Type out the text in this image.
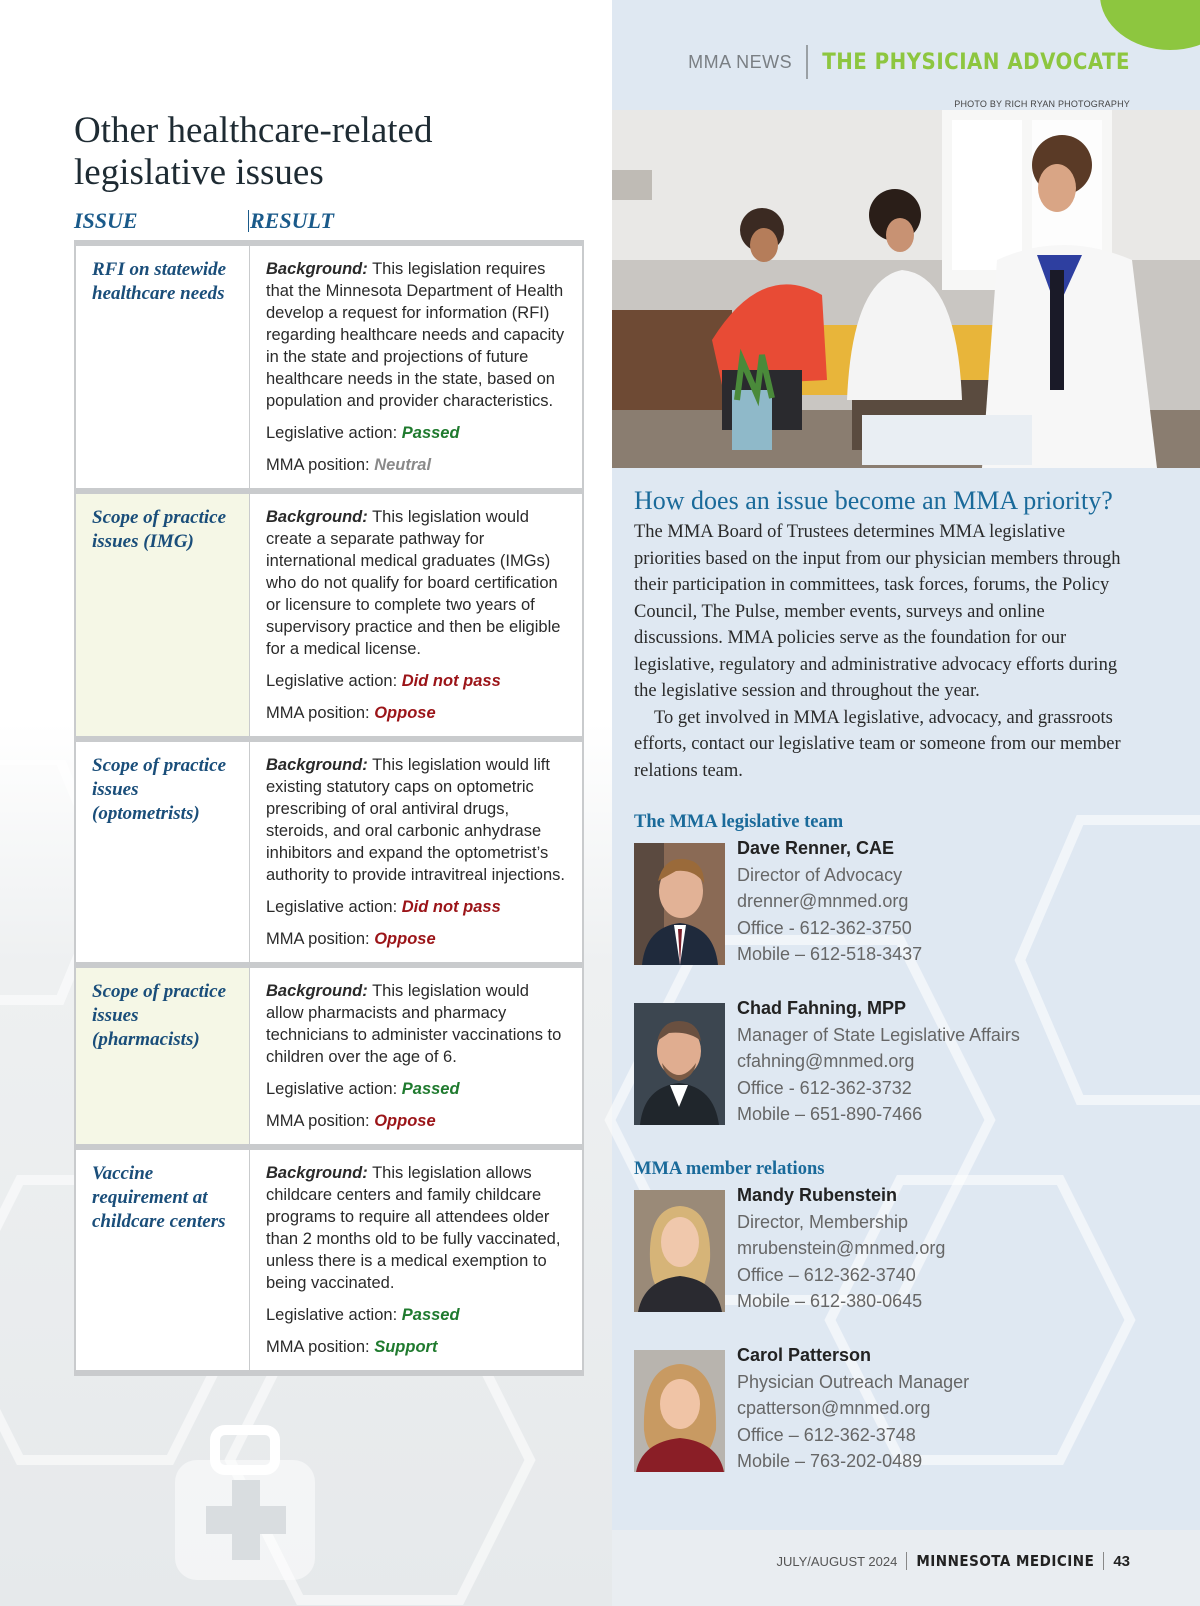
MMA NEWS	THE PHYSICIAN ADVOCATE
PHOTO BY RICH RYAN PHOTOGRAPHY
Other healthcare-related
legislative issues
ISSUE	RESULT
RFI on statewide healthcare needs

Background: This legislation requires that the Minnesota Department of Health develop a request for information (RFI) regarding healthcare needs and capacity in the state and projections of future healthcare needs in the state, based on population and provider characteristics.

Legislative action: Passed

MMA position: Neutral

Scope of practice issues (IMG)

Background: This legislation would create a separate pathway for international medical graduates (IMGs) who do not qualify for board certification or licensure to complete two years of supervisory practice and then be eligible for a medical license.

Legislative action: Did not pass

MMA position: Oppose

Scope of practice issues (optometrists)

Background: This legislation would lift existing statutory caps on optometric prescribing of oral antiviral drugs, steroids, and oral carbonic anhydrase inhibitors and expand the optometrist’s authority to provide intravitreal injections.

Legislative action: Did not pass

MMA position: Oppose

Scope of practice issues (pharmacists)

Background: This legislation would allow pharmacists and pharmacy technicians to administer vaccinations to children over the age of 6.

Legislative action: Passed

MMA position: Oppose

Vaccine requirement at childcare centers

Background: This legislation allows childcare centers and family childcare programs to require all attendees older than 2 months old to be fully vaccinated, unless there is a medical exemption to being vaccinated.

Legislative action: Passed

MMA position: Support

How does an issue become an MMA priority?

The MMA Board of Trustees determines MMA legislative priorities based on the input from our physician members through their participation in committees, task forces, forums, the Policy Council, The Pulse, member events, surveys and online discussions. MMA policies serve as the foundation for our legislative, regulatory and administrative advocacy efforts during the legislative session and throughout the year.

To get involved in MMA legislative, advocacy, and grassroots efforts, contact our legislative team or someone from our member relations team.

The MMA legislative team
Dave Renner, CAE
Director of Advocacy
drenner@mnmed.org
Office - 612-362-3750
Mobile – 612-518-3437
Chad Fahning, MPP
Manager of State Legislative Affairs
cfahning@mnmed.org
Office - 612-362-3732
Mobile – 651-890-7466
MMA member relations
Mandy Rubenstein
Director, Membership
mrubenstein@mnmed.org
Office – 612-362-3740
Mobile – 612-380-0645
Carol Patterson
Physician Outreach Manager
cpatterson@mnmed.org
Office – 612-362-3748
Mobile – 763-202-0489
JULY/AUGUST 2024	MINNESOTA MEDICINE	43
